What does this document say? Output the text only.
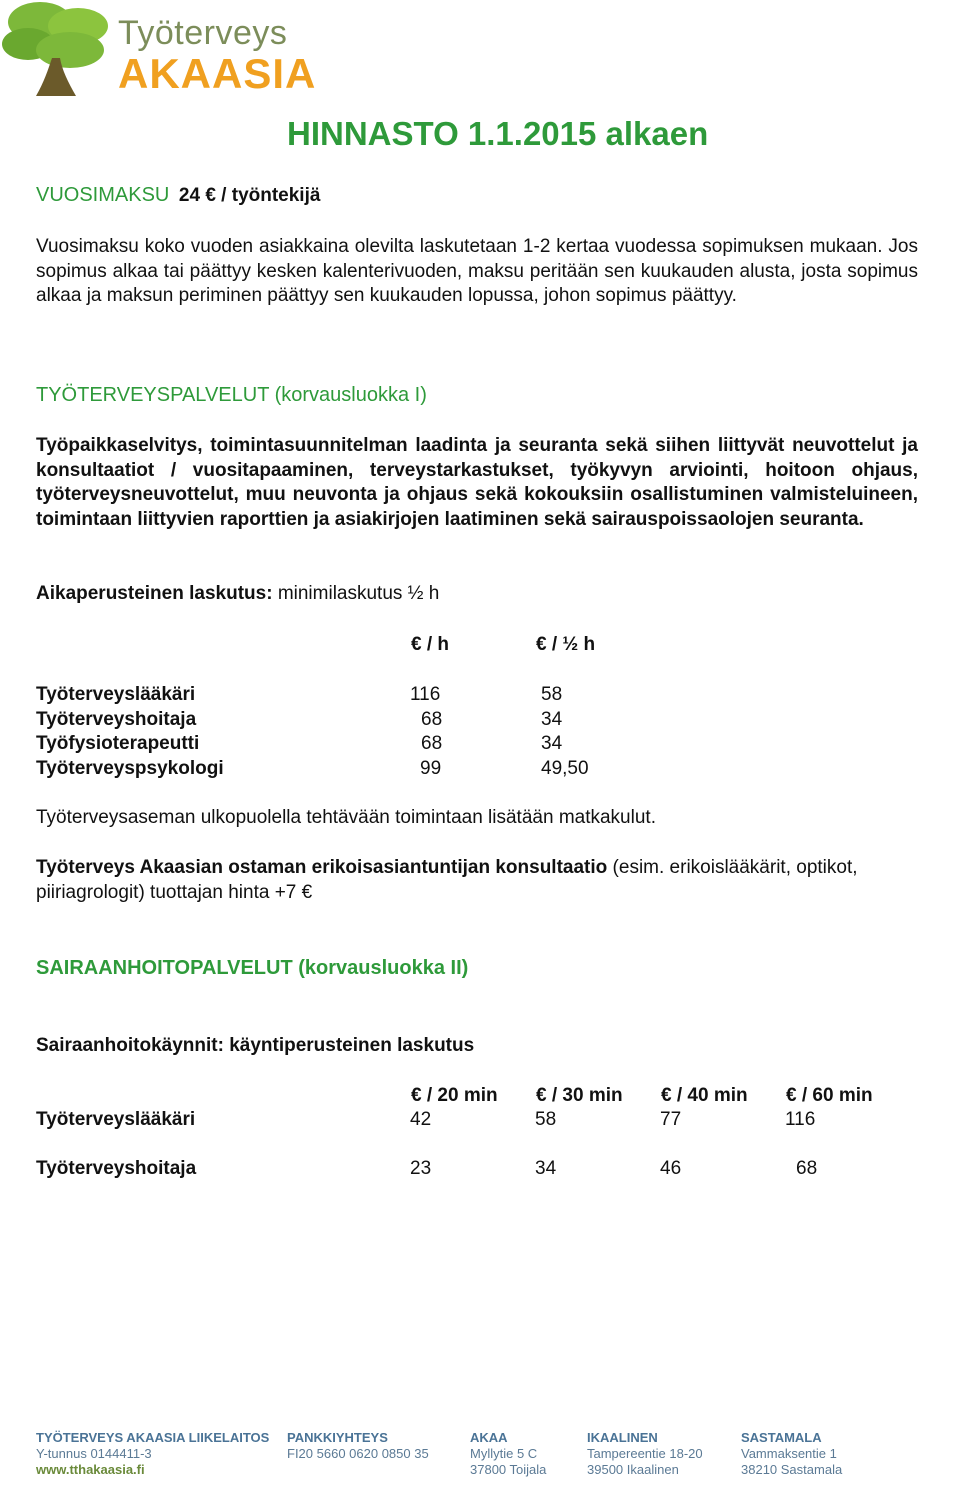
Työterveys
AKAASIA
HINNASTO 1.1.2015 alkaen
VUOSIMAKSU 24 € / työntekijä
Vuosimaksu koko vuoden asiakkaina olevilta laskutetaan 1-2 kertaa vuodessa sopimuksen mukaan. Jos sopimus alkaa tai päättyy kesken kalenterivuoden, maksu peritään sen kuukauden alusta, josta sopimus alkaa ja maksun periminen päättyy sen kuukauden lopussa, johon sopimus päättyy.
TYÖTERVEYSPALVELUT (korvausluokka I)
Työpaikkaselvitys, toimintasuunnitelman laadinta ja seuranta sekä siihen liittyvät neuvottelut ja konsultaatiot / vuositapaaminen, terveystarkastukset, työkyvyn arviointi, hoitoon ohjaus, työterveysneuvottelut, muu neuvonta ja ohjaus sekä kokouksiin osallistuminen valmisteluineen, toimintaan liittyvien raporttien ja asiakirjojen laatiminen sekä sairauspoissaolojen seuranta.
Aikaperusteinen laskutus: minimilaskutus ½ h
€ / h	€ / ½ h
Työterveyslääkäri	116	58
Työterveyshoitaja	68	34
Työfysioterapeutti	68	34
Työterveyspsykologi	99	49,50
Työterveysaseman ulkopuolella tehtävään toimintaan lisätään matkakulut.
Työterveys Akaasian ostaman erikoisasiantuntijan konsultaatio (esim. erikoislääkärit, optikot, piiriagrologit) tuottajan hinta +7 €
SAIRAANHOITOPALVELUT (korvausluokka II)
Sairaanhoitokäynnit: käyntiperusteinen laskutus
€ / 20 min € / 30 min € / 40 min € / 60 min
Työterveyslääkäri	42	58	77	116
Työterveyshoitaja	23	34	46	68
TYÖTERVEYS AKAASIA LIIKELAITOS
Y-tunnus 0144411-3
www.tthakaasia.fi
PANKKIYHTEYS
FI20 5660 0620 0850 35
AKAA
Myllytie 5 C
37800 Toijala
IKAALINEN
Tampereentie 18-20
39500 Ikaalinen
SASTAMALA
Vammaksentie 1
38210 Sastamala
